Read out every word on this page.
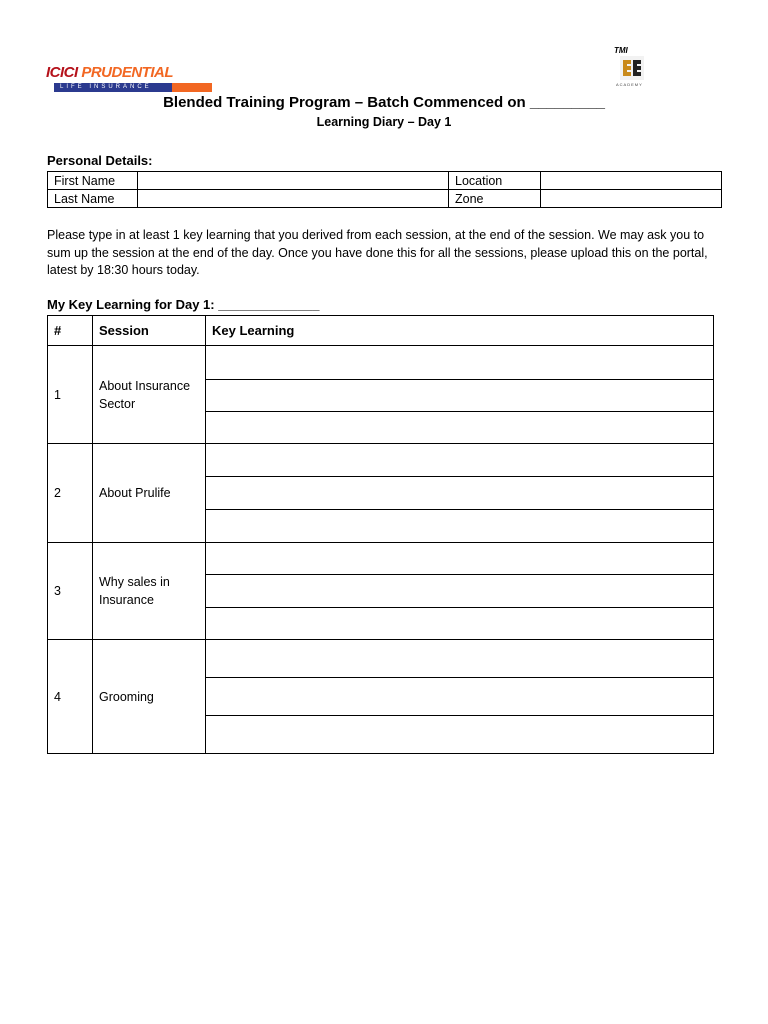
ICICI PRUDENTIAL
LIFE INSURANCE
TMI
ACADEMY
Blended Training Program – Batch Commenced on _________
Learning Diary – Day 1
Personal Details:
First Name		Location	
Last Name		Zone	
Please type in at least 1 key learning that you derived from each session, at the end of the session. We may ask you to sum up the session at the end of the day. Once you have done this for all the sessions, please upload this on the portal, latest by 18:30 hours today.
My Key Learning for Day 1: ______________
#	Session	Key Learning
1	About Insurance Sector	

2	About Prulife	

3	Why sales in Insurance	

4	Grooming	
